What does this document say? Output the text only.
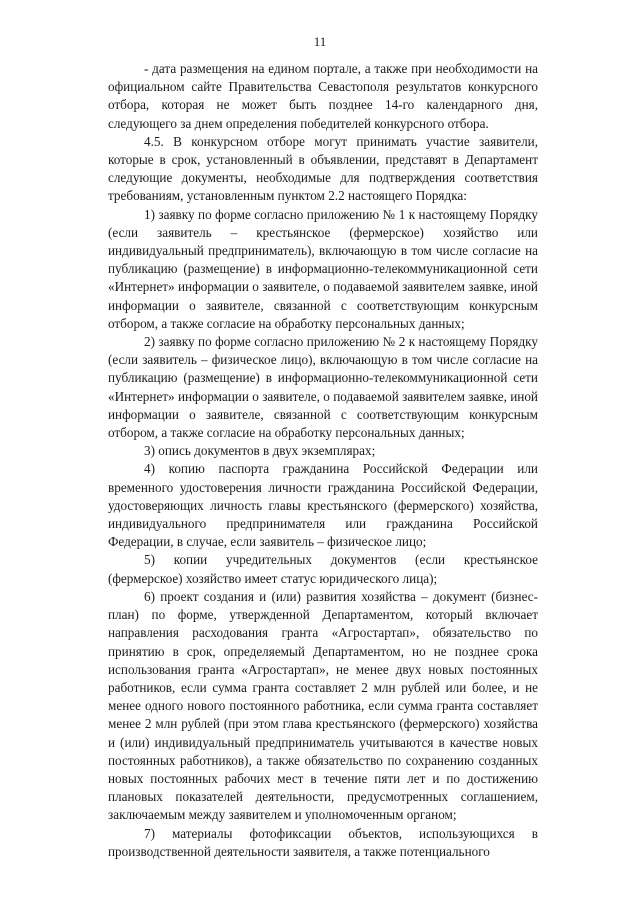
11

- дата размещения на едином портале, а также при необходимости на официальном сайте Правительства Севастополя результатов конкурсного отбора, которая не может быть позднее 14-го календарного дня, следующего за днем определения победителей конкурсного отбора.

4.5. В конкурсном отборе могут принимать участие заявители, которые в срок, установленный в объявлении, представят в Департамент следующие документы, необходимые для подтверждения соответствия требованиям, установленным пунктом 2.2 настоящего Порядка:

1) заявку по форме согласно приложению № 1 к настоящему Порядку (если заявитель – крестьянское (фермерское) хозяйство или индивидуальный предприниматель), включающую в том числе согласие на публикацию (размещение) в информационно-телекоммуникационной сети «Интернет» информации о заявителе, о подаваемой заявителем заявке, иной информации о заявителе, связанной с соответствующим конкурсным отбором, а также согласие на обработку персональных данных;

2) заявку по форме согласно приложению № 2 к настоящему Порядку (если заявитель – физическое лицо), включающую в том числе согласие на публикацию (размещение) в информационно-телекоммуникационной сети «Интернет» информации о заявителе, о подаваемой заявителем заявке, иной информации о заявителе, связанной с соответствующим конкурсным отбором, а также согласие на обработку персональных данных;

3) опись документов в двух экземплярах;

4) копию паспорта гражданина Российской Федерации или временного удостоверения личности гражданина Российской Федерации, удостоверяющих личность главы крестьянского (фермерского) хозяйства, индивидуального предпринимателя или гражданина Российской Федерации, в случае, если заявитель – физическое лицо;

5) копии учредительных документов (если крестьянское (фермерское) хозяйство имеет статус юридического лица);

6) проект создания и (или) развития хозяйства – документ (бизнес-план) по форме, утвержденной Департаментом, который включает направления расходования гранта «Агростартап», обязательство по принятию в срок, определяемый Департаментом, но не позднее срока использования гранта «Агростартап», не менее двух новых постоянных работников, если сумма гранта составляет 2 млн рублей или более, и не менее одного нового постоянного работника, если сумма гранта составляет менее 2 млн рублей (при этом глава крестьянского (фермерского) хозяйства и (или) индивидуальный предприниматель учитываются в качестве новых постоянных работников), а также обязательство по сохранению созданных новых постоянных рабочих мест в течение пяти лет и по достижению плановых показателей деятельности, предусмотренных соглашением, заключаемым между заявителем и уполномоченным органом;

7) материалы фотофиксации объектов, использующихся в производственной деятельности заявителя, а также потенциального
